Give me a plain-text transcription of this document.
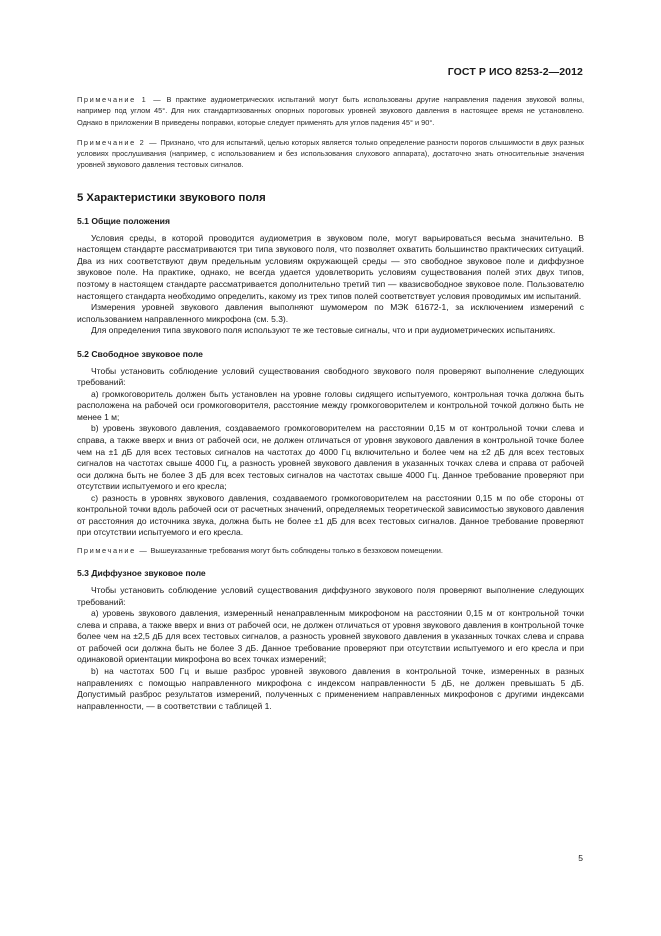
ГОСТ Р ИСО 8253-2—2012

Примечание 1 — В практике аудиометрических испытаний могут быть использованы другие направления падения звуковой волны, например под углом 45°. Для них стандартизованных опорных пороговых уровней звукового давления в настоящее время не установлено. Однако в приложении В приведены поправки, которые следует применять для углов падения 45° и 90°.

Примечание 2 — Признано, что для испытаний, целью которых является только определение разности порогов слышимости в двух разных условиях прослушивания (например, с использованием и без использования слухового аппарата), достаточно знать относительные значения уровней звукового давления тестовых сигналов.

5 Характеристики звукового поля
5.1 Общие положения

Условия среды, в которой проводится аудиометрия в звуковом поле, могут варьироваться весьма значительно. В настоящем стандарте рассматриваются три типа звукового поля, что позволяет охватить большинство практических ситуаций. Два из них соответствуют двум предельным условиям окружающей среды — это свободное звуковое поле и диффузное звуковое поле. На практике, однако, не всегда удается удовлетворить условиям существования полей этих двух типов, поэтому в настоящем стандарте рассматривается дополнительно третий тип — квазисвободное звуковое поле. Пользователю настоящего стандарта необходимо определить, какому из трех типов полей соответствует условия проводимых им испытаний.

Измерения уровней звукового давления выполняют шумомером по МЭК 61672-1, за исключением измерений с использованием направленного микрофона (см. 5.3).

Для определения типа звукового поля используют те же тестовые сигналы, что и при аудиометрических испытаниях.

5.2 Свободное звуковое поле

Чтобы установить соблюдение условий существования свободного звукового поля проверяют выполнение следующих требований:

а) громкоговоритель должен быть установлен на уровне головы сидящего испытуемого, контрольная точка должна быть расположена на рабочей оси громкоговорителя, расстояние между громкоговорителем и контрольной точкой должно быть не менее 1 м;

b) уровень звукового давления, создаваемого громкоговорителем на расстоянии 0,15 м от контрольной точки слева и справа, а также вверх и вниз от рабочей оси, не должен отличаться от уровня звукового давления в контрольной точке более чем на ±1 дБ для всех тестовых сигналов на частотах до 4000 Гц включительно и более чем на ±2 дБ для всех тестовых сигналов на частотах свыше 4000 Гц, а разность уровней звукового давления в указанных точках слева и справа от рабочей оси должна быть не более 3 дБ для всех тестовых сигналов на частотах свыше 4000 Гц. Данное требование проверяют при отсутствии испытуемого и его кресла;

с) разность в уровнях звукового давления, создаваемого громкоговорителем на расстоянии 0,15 м по обе стороны от контрольной точки вдоль рабочей оси от расчетных значений, определяемых теоретической зависимостью звукового давления от расстояния до источника звука, должна быть не более ±1 дБ для всех тестовых сигналов. Данное требование проверяют при отсутствии испытуемого и его кресла.

Примечание — Вышеуказанные требования могут быть соблюдены только в безэховом помещении.

5.3 Диффузное звуковое поле

Чтобы установить соблюдение условий существования диффузного звукового поля проверяют выполнение следующих требований:

а) уровень звукового давления, измеренный ненаправленным микрофоном на расстоянии 0,15 м от контрольной точки слева и справа, а также вверх и вниз от рабочей оси, не должен отличаться от уровня звукового давления в контрольной точке более чем на ±2,5 дБ для всех тестовых сигналов, а разность уровней звукового давления в указанных точках слева и справа от рабочей оси должна быть не более 3 дБ. Данное требование проверяют при отсутствии испытуемого и его кресла и при одинаковой ориентации микрофона во всех точках измерений;

b) на частотах 500 Гц и выше разброс уровней звукового давления в контрольной точке, измеренных в разных направлениях с помощью направленного микрофона с индексом направленности 5 дБ, не должен превышать 5 дБ. Допустимый разброс результатов измерений, полученных с применением направленных микрофонов с другими индексами направленности, — в соответствии с таблицей 1.

5
